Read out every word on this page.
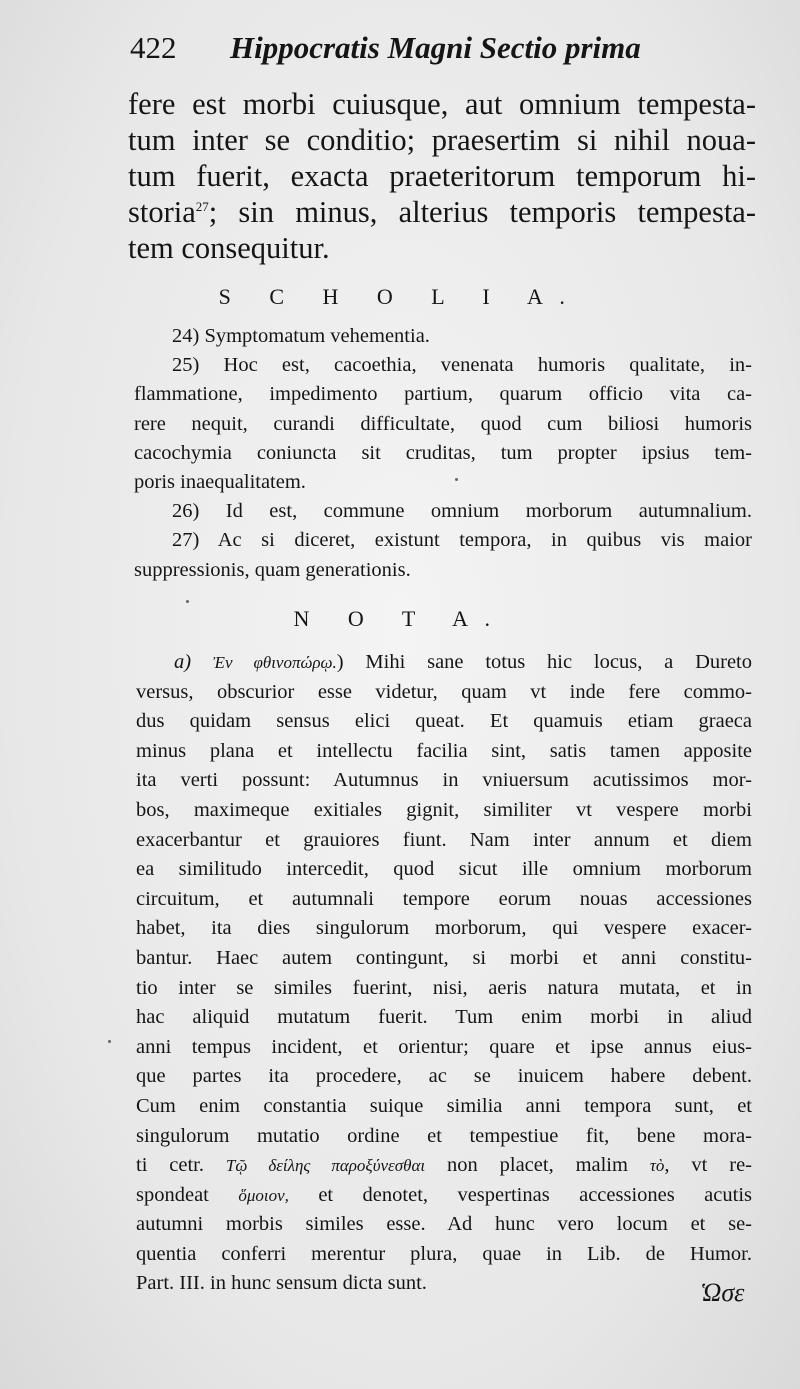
422 Hippocratis Magni Sectio prima
fere est morbi cuiusque, aut omnium tempesta-
tum inter se conditio; praesertim si nihil noua-
tum fuerit, exacta praeteritorum temporum hi-
storia$^{27}$; sin minus, alterius temporis tempesta-
tem consequitur.
S C H O L I A.
24) Symptomatum vehementia.
25) Hoc est, cacoethia, venenata humoris qualitate, in-
flammatione, impedimento partium, quarum officio vita ca-
rere nequit, curandi difficultate, quod cum biliosi humoris
cacochymia coniuncta sit cruditas, tum propter ipsius tem-
poris inaequalitatem.
26) Id est, commune omnium morborum autumnalium.
27) Ac si diceret, existunt tempora, in quibus vis maior
suppressionis, quam generationis.
N O T A.
a) Ἐν φθινοπώρῳ.) Mihi sane totus hic locus, a Dureto
versus, obscurior esse videtur, quam vt inde fere commo-
dus quidam sensus elici queat. Et quamuis etiam graeca
minus plana et intellectu facilia sint, satis tamen apposite
ita verti possunt: Autumnus in vniuersum acutissimos mor-
bos, maximeque exitiales gignit, similiter vt vespere morbi
exacerbantur et grauiores fiunt. Nam inter annum et diem
ea similitudo intercedit, quod sicut ille omnium morborum
circuitum, et autumnali tempore eorum nouas accessiones
habet, ita dies singulorum morborum, qui vespere exacer-
bantur. Haec autem contingunt, si morbi et anni constitu-
tio inter se similes fuerint, nisi, aeris natura mutata, et in
hac aliquid mutatum fuerit. Tum enim morbi in aliud
anni tempus incident, et orientur; quare et ipse annus eius-
que partes ita procedere, ac se inuicem habere debent.
Cum enim constantia suique similia anni tempora sunt, et
singulorum mutatio ordine et tempestiue fit, bene mora-
ti cetr. Τῷ δείλης παροξύνεσθαι non placet, malim τὸ, vt re-
spondeat ὅμοιον, et denotet, vespertinas accessiones acutis
autumni morbis similes esse. Ad hunc vero locum et se-
quentia conferri merentur plura, quae in Lib. de Humor.
Part. III. in hunc sensum dicta sunt.	Ὡσε
